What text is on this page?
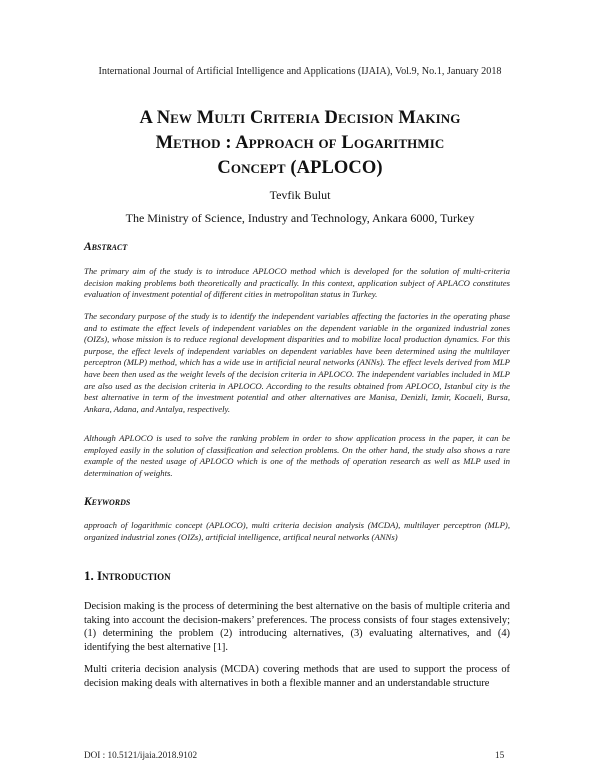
International Journal of Artificial Intelligence and Applications (IJAIA), Vol.9, No.1, January 2018
A New Multi Criteria Decision Making
Method : Approach of Logarithmic
Concept (APLOCO)
Tevfik Bulut
The Ministry of Science, Industry and Technology, Ankara 6000, Turkey
Abstract
The primary aim of the study is to introduce APLOCO method which is developed for the solution of multi-criteria decision making problems both theoretically and practically. In this context, application subject of APLACO constitutes evaluation of investment potential of different cities in metropolitan status in Turkey.
The secondary purpose of the study is to identify the independent variables affecting the factories in the operating phase and to estimate the effect levels of independent variables on the dependent variable in the organized industrial zones (OIZs), whose mission is to reduce regional development disparities and to mobilize local production dynamics. For this purpose, the effect levels of independent variables on dependent variables have been determined using the multilayer perceptron (MLP) method, which has a wide use in artificial neural networks (ANNs). The effect levels derived from MLP have been then used as the weight levels of the decision criteria in APLOCO. The independent variables included in MLP are also used as the decision criteria in APLOCO. According to the results obtained from APLOCO, Istanbul city is the best alternative in term of the investment potential and other alternatives are Manisa, Denizli, Izmir, Kocaeli, Bursa, Ankara, Adana, and Antalya, respectively.
Although APLOCO is used to solve the ranking problem in order to show application process in the paper, it can be employed easily in the solution of classification and selection problems. On the other hand, the study also shows a rare example of the nested usage of APLOCO which is one of the methods of operation research as well as MLP used in determination of weights.
Keywords
approach of logarithmic concept (APLOCO), multi criteria decision analysis (MCDA), multilayer perceptron (MLP), organized industrial zones (OIZs), artificial intelligence, artifical neural networks (ANNs)
1. Introduction
Decision making is the process of determining the best alternative on the basis of multiple criteria and taking into account the decision-makers’ preferences. The process consists of four stages extensively; (1) determining the problem (2) introducing alternatives, (3) evaluating alternatives, and (4) identifying the best alternative [1].
Multi criteria decision analysis (MCDA) covering methods that are used to support the process of decision making deals with alternatives in both a flexible manner and an understandable structure
DOI : 10.5121/ijaia.2018.9102	15
